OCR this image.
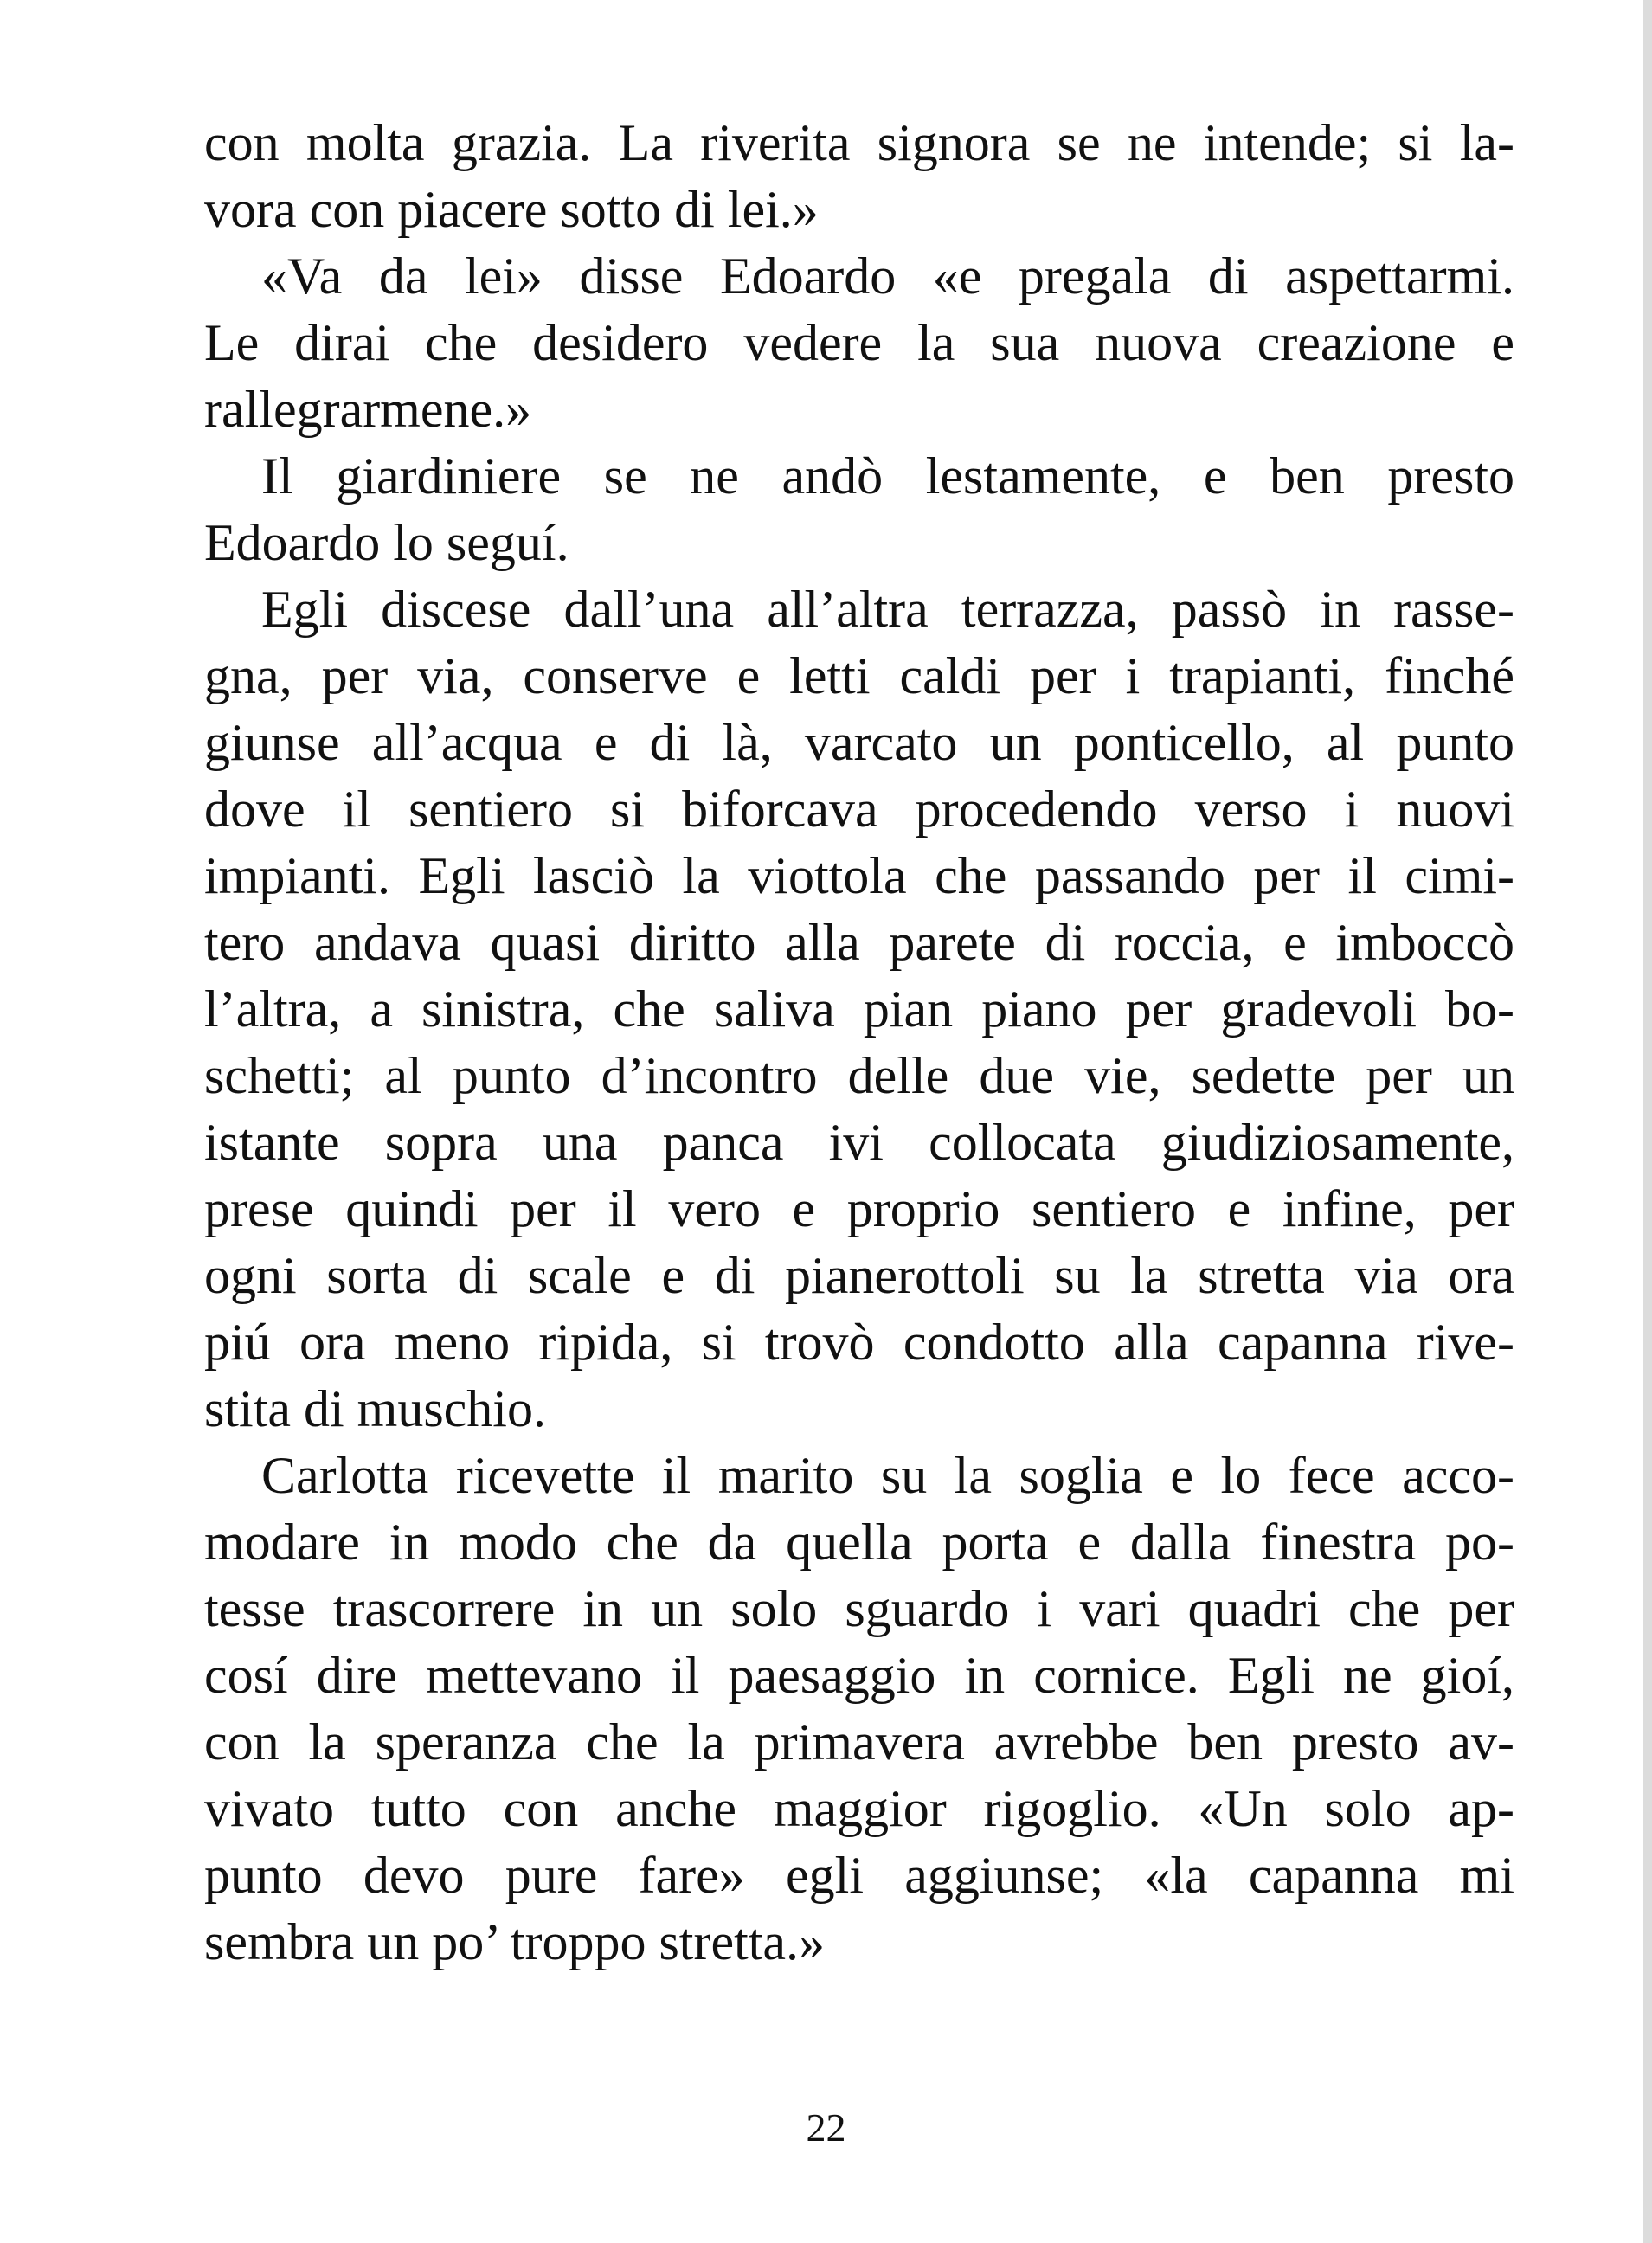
con molta grazia. La riverita signora se ne intende; si la-
vora con piacere sotto di lei.»
«Va da lei» disse Edoardo «e pregala di aspettarmi.
Le dirai che desidero vedere la sua nuova creazione e
rallegrarmene.»
Il giardiniere se ne andò lestamente, e ben presto
Edoardo lo seguí.
Egli discese dall’una all’altra terrazza, passò in rasse-
gna, per via, conserve e letti caldi per i trapianti, finché
giunse all’acqua e di là, varcato un ponticello, al punto
dove il sentiero si biforcava procedendo verso i nuovi
impianti. Egli lasciò la viottola che passando per il cimi-
tero andava quasi diritto alla parete di roccia, e imboccò
l’altra, a sinistra, che saliva pian piano per gradevoli bo-
schetti; al punto d’incontro delle due vie, sedette per un
istante sopra una panca ivi collocata giudiziosamente,
prese quindi per il vero e proprio sentiero e infine, per
ogni sorta di scale e di pianerottoli su la stretta via ora
piú ora meno ripida, si trovò condotto alla capanna rive-
stita di muschio.
Carlotta ricevette il marito su la soglia e lo fece acco-
modare in modo che da quella porta e dalla finestra po-
tesse trascorrere in un solo sguardo i vari quadri che per
cosí dire mettevano il paesaggio in cornice. Egli ne gioí,
con la speranza che la primavera avrebbe ben presto av-
vivato tutto con anche maggior rigoglio. «Un solo ap-
punto devo pure fare» egli aggiunse; «la capanna mi
sembra un po’ troppo stretta.»
22
